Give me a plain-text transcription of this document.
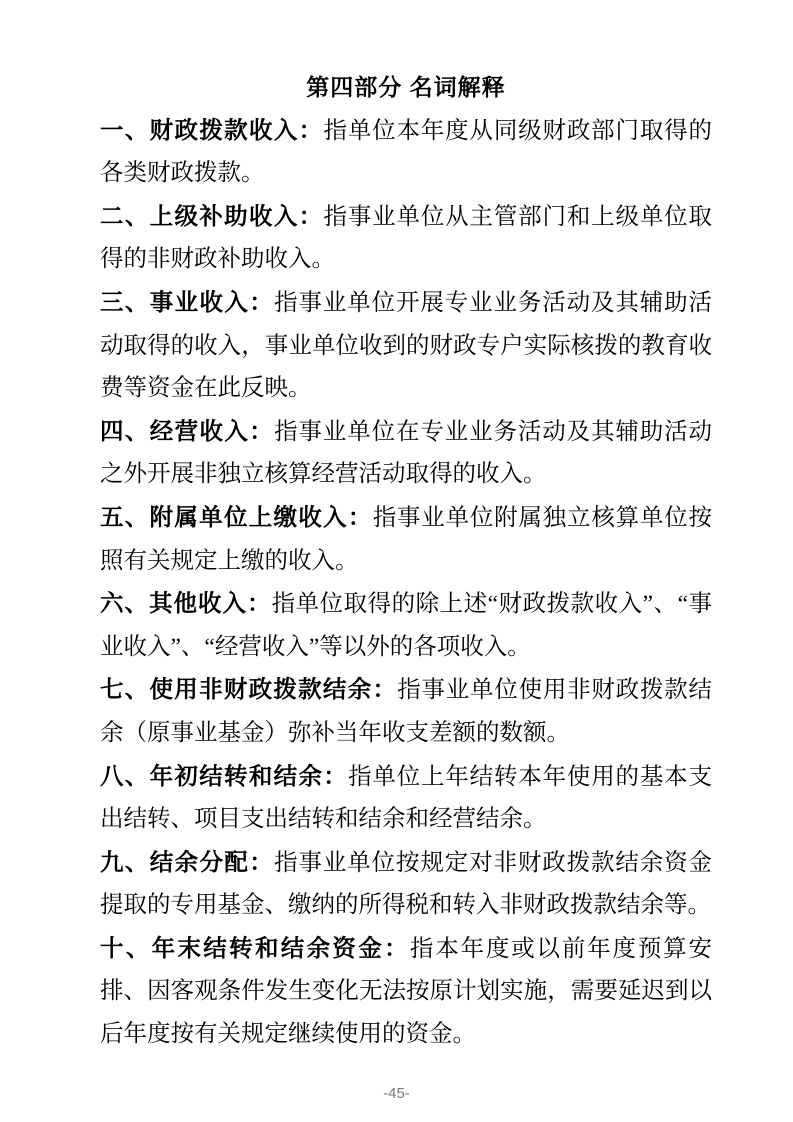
第四部分 名词解释

一、财政拨款收入：指单位本年度从同级财政部门取得的各类财政拨款。

二、上级补助收入：指事业单位从主管部门和上级单位取得的非财政补助收入。

三、事业收入：指事业单位开展专业业务活动及其辅助活动取得的收入，事业单位收到的财政专户实际核拨的教育收费等资金在此反映。

四、经营收入：指事业单位在专业业务活动及其辅助活动之外开展非独立核算经营活动取得的收入。

五、附属单位上缴收入：指事业单位附属独立核算单位按照有关规定上缴的收入。

六、其他收入：指单位取得的除上述“财政拨款收入”、“事业收入”、“经营收入”等以外的各项收入。

七、使用非财政拨款结余：指事业单位使用非财政拨款结余（原事业基金）弥补当年收支差额的数额。

八、年初结转和结余：指单位上年结转本年使用的基本支出结转、项目支出结转和结余和经营结余。

九、结余分配：指事业单位按规定对非财政拨款结余资金提取的专用基金、缴纳的所得税和转入非财政拨款结余等。

十、年末结转和结余资金：指本年度或以前年度预算安排、因客观条件发生变化无法按原计划实施，需要延迟到以后年度按有关规定继续使用的资金。

-45-
